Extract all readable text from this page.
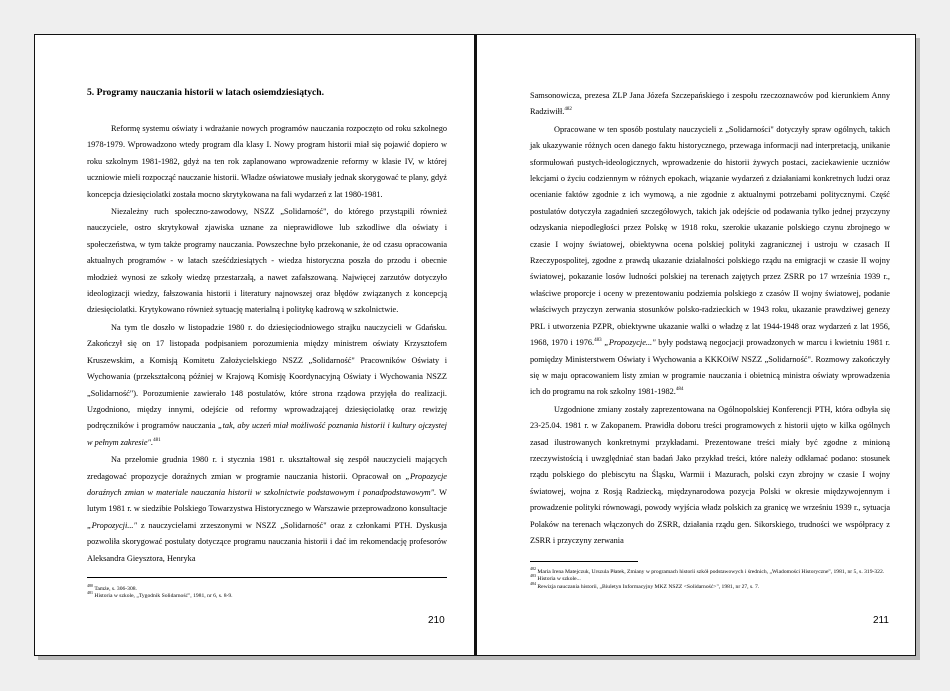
5. Programy nauczania historii w latach osiemdziesiątych.

Reformę systemu oświaty i wdrażanie nowych programów nauczania rozpoczęto od roku szkolnego 1978-1979. Wprowadzono wtedy program dla klasy I. Nowy program historii miał się pojawić dopiero w roku szkolnym 1981-1982, gdyż na ten rok zaplanowano wprowadzenie reformy w klasie IV, w której uczniowie mieli rozpocząć nauczanie historii. Władze oświatowe musiały jednak skorygować te plany, gdyż koncepcja dziesięciolatki została mocno skrytykowana na fali wydarzeń z lat 1980-1981.

Niezależny ruch społeczno-zawodowy, NSZZ „Solidarność", do którego przystąpili również nauczyciele, ostro skrytykował zjawiska uznane za nieprawidłowe lub szkodliwe dla oświaty i społeczeństwa, w tym także programy nauczania. Powszechne było przekonanie, że od czasu opracowania aktualnych programów - w latach sześćdziesiątych - wiedza historyczna poszła do przodu i obecnie młodzież wynosi ze szkoły wiedzę przestarzałą, a nawet zafałszowaną. Najwięcej zarzutów dotyczyło ideologizacji wiedzy, fałszowania historii i literatury najnowszej oraz błędów związanych z koncepcją dziesięciolatki. Krytykowano również sytuację materialną i politykę kadrową w szkolnictwie.

Na tym tle doszło w listopadzie 1980 r. do dziesięciodniowego strajku nauczycieli w Gdańsku. Zakończył się on 17 listopada podpisaniem porozumienia między ministrem oświaty Krzysztofem Kruszewskim, a Komisją Komitetu Założycielskiego NSZZ „Solidarność" Pracowników Oświaty i Wychowania (przekształconą później w Krajową Komisję Koordynacyjną Oświaty i Wychowania NSZZ „Solidarność"). Porozumienie zawierało 148 postulatów, które strona rządowa przyjęła do realizacji. Uzgodniono, między innymi, odejście od reformy wprowadzającej dziesięciolatkę oraz rewizję podręczników i programów nauczania „tak, aby uczeń miał możliwość poznania historii i kultury ojczystej w pełnym zakresie".$^{481}$

Na przełomie grudnia 1980 r. i stycznia 1981 r. ukształtował się zespół nauczycieli mających zredagować propozycje doraźnych zmian w programie nauczania historii. Opracował on „Propozycje doraźnych zmian w materiale nauczania historii w szkolnictwie podstawowym i ponadpodstawowym". W lutym 1981 r. w siedzibie Polskiego Towarzystwa Historycznego w Warszawie przeprowadzono konsultacje „Propozycji..." z nauczycielami zrzeszonymi w NSZZ „Solidarność" oraz z członkami PTH. Dyskusja pozwoliła skorygować postulaty dotyczące programu nauczania historii i dać im rekomendację profesorów Aleksandra Gieysztora, Henryka

$^{480}$ Tamże, s. 306-308.
$^{481}$ Historia w szkole, „Tygodnik Solidarność", 1981, nr 6, s. 8-9.
210

Samsonowicza, prezesa ZLP Jana Józefa Szczepańskiego i zespołu rzeczoznawców pod kierunkiem Anny Radziwiłł.$^{482}$

Opracowane w ten sposób postulaty nauczycieli z „Solidarności" dotyczyły spraw ogólnych, takich jak ukazywanie różnych ocen danego faktu historycznego, przewaga informacji nad interpretacją, unikanie sformułowań pustych-ideologicznych, wprowadzenie do historii żywych postaci, zaciekawienie uczniów lekcjami o życiu codziennym w różnych epokach, wiązanie wydarzeń z działaniami konkretnych ludzi oraz ocenianie faktów zgodnie z ich wymową, a nie zgodnie z aktualnymi potrzebami politycznymi. Część postulatów dotyczyła zagadnień szczegółowych, takich jak odejście od podawania tylko jednej przyczyny odzyskania niepodległości przez Polskę w 1918 roku, szerokie ukazanie polskiego czynu zbrojnego w czasie I wojny światowej, obiektywna ocena polskiej polityki zagranicznej i ustroju w czasach II Rzeczypospolitej, zgodne z prawdą ukazanie działalności polskiego rządu na emigracji w czasie II wojny światowej, pokazanie losów ludności polskiej na terenach zajętych przez ZSRR po 17 września 1939 r., właściwe proporcje i oceny w prezentowaniu podziemia polskiego z czasów II wojny światowej, podanie właściwych przyczyn zerwania stosunków polsko-radzieckich w 1943 roku, ukazanie prawdziwej genezy PRL i utworzenia PZPR, obiektywne ukazanie walki o władzę z lat 1944-1948 oraz wydarzeń z lat 1956, 1968, 1970 i 1976.$^{483}$ „Propozycje..." były podstawą negocjacji prowadzonych w marcu i kwietniu 1981 r. pomiędzy Ministerstwem Oświaty i Wychowania a KKKOiW NSZZ „Solidarność". Rozmowy zakończyły się w maju opracowaniem listy zmian w programie nauczania i obietnicą ministra oświaty wprowadzenia ich do programu na rok szkolny 1981-1982.$^{484}$

Uzgodnione zmiany zostały zaprezentowana na Ogólnopolskiej Konferencji PTH, która odbyła się 23-25.04. 1981 r. w Zakopanem. Prawidła doboru treści programowych z historii ujęto w kilka ogólnych zasad ilustrowanych konkretnymi przykładami. Prezentowane treści miały być zgodne z minioną rzeczywistością i uwzględniać stan badań Jako przykład treści, które należy odkłamać podano: stosunek rządu polskiego do plebiscytu na Śląsku, Warmii i Mazurach, polski czyn zbrojny w czasie I wojny światowej, wojna z Rosją Radziecką, międzynarodowa pozycja Polski w okresie międzywojennym i prowadzenie polityki równowagi, powody wyjścia władz polskich za granicę we wrześniu 1939 r., sytuacja Polaków na terenach włączonych do ZSRR, działania rządu gen. Sikorskiego, trudności we współpracy z ZSRR i przyczyny zerwania

$^{482}$ Maria Irena Matejczuk, Urszula Płatek, Zmiany w programach historii szkół podstawowych i średnich, „Wiadomości Historyczne", 1981, nr 5, s. 319-322.
$^{483}$ Historia w szkole...
$^{484}$ Rewizja nauczania historii, „Biuletyn Informacyjny MKZ NSZZ <Solidarność>", 1981, nr 27, s. 7.
211
